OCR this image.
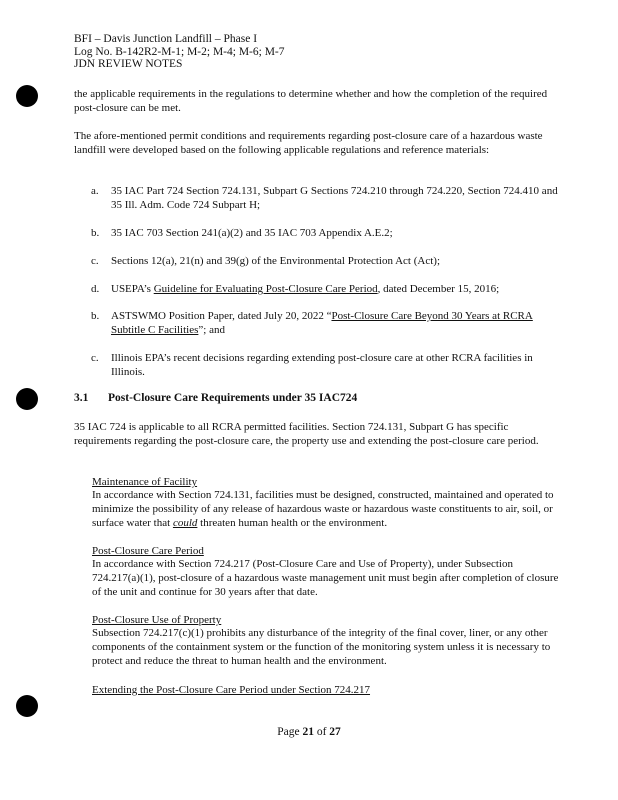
BFI – Davis Junction Landfill – Phase I
Log No. B-142R2-M-1; M-2; M-4; M-6; M-7
JDN REVIEW NOTES
the applicable requirements in the regulations to determine whether and how the completion of the required post-closure can be met.
The afore-mentioned permit conditions and requirements regarding post-closure care of a hazardous waste landfill were developed based on the following applicable regulations and reference materials:
a.	35 IAC Part 724 Section 724.131, Subpart G Sections 724.210 through 724.220, Section 724.410 and 35 Ill. Adm. Code 724 Subpart H;
b.	35 IAC 703 Section 241(a)(2) and 35 IAC 703 Appendix A.E.2;
c.	Sections 12(a), 21(n) and 39(g) of the Environmental Protection Act (Act);
d.	USEPA’s Guideline for Evaluating Post-Closure Care Period, dated December 15, 2016;
b.	ASTSWMO Position Paper, dated July 20, 2022 “Post-Closure Care Beyond 30 Years at RCRA Subtitle C Facilities”; and
c.	Illinois EPA’s recent decisions regarding extending post-closure care at other RCRA facilities in Illinois.
3.1 Post-Closure Care Requirements under 35 IAC724
35 IAC 724 is applicable to all RCRA permitted facilities. Section 724.131, Subpart G has specific requirements regarding the post-closure care, the property use and extending the post-closure care period.
Maintenance of Facility
In accordance with Section 724.131, facilities must be designed, constructed, maintained and operated to minimize the possibility of any release of hazardous waste or hazardous waste constituents to air, soil, or surface water that could threaten human health or the environment.
Post-Closure Care Period
In accordance with Section 724.217 (Post-Closure Care and Use of Property), under Subsection 724.217(a)(1), post-closure of a hazardous waste management unit must begin after completion of closure of the unit and continue for 30 years after that date.
Post-Closure Use of Property
Subsection 724.217(c)(1) prohibits any disturbance of the integrity of the final cover, liner, or any other components of the containment system or the function of the monitoring system unless it is necessary to protect and reduce the threat to human health and the environment.
Extending the Post-Closure Care Period under Section 724.217
Page 21 of 27
